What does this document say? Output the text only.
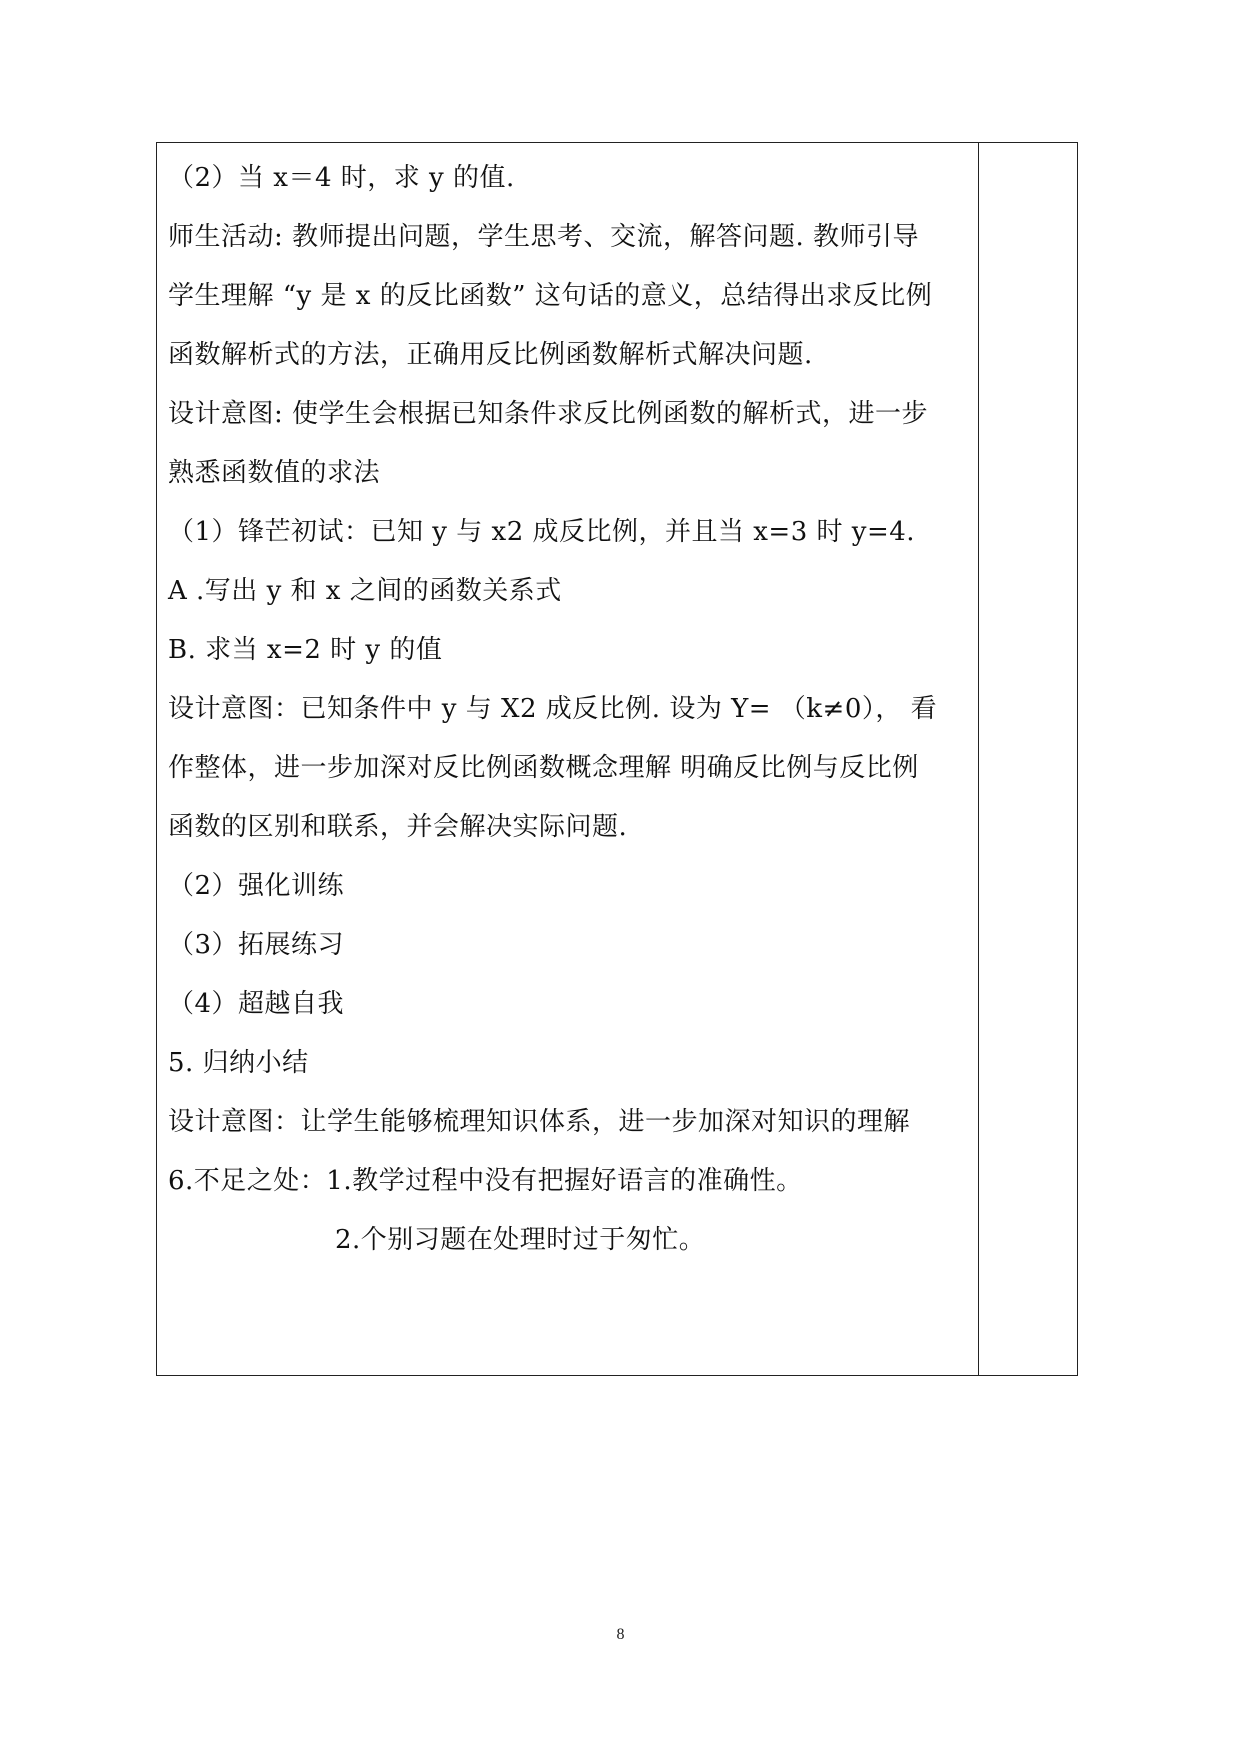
（2）当 x＝4 时，求 y 的值.
师生活动: 教师提出问题，学生思考、交流，解答问题. 教师引导
学生理解 “y 是 x 的反比函数” 这句话的意义，总结得出求反比例
函数解析式的方法，正确用反比例函数解析式解决问题.
设计意图: 使学生会根据已知条件求反比例函数的解析式，进一步
熟悉函数值的求法
（1）锋芒初试：已知 y 与 x2 成反比例，并且当 x=3 时 y=4.
A .写出 y 和 x 之间的函数关系式
B. 求当 x=2 时 y 的值
设计意图：已知条件中 y 与 X2 成反比例. 设为 Y= （k≠0）， 看
作整体，进一步加深对反比例函数概念理解 明确反比例与反比例
函数的区别和联系，并会解决实际问题.
（2）强化训练
（3）拓展练习
（4）超越自我
5. 归纳小结
设计意图：让学生能够梳理知识体系，进一步加深对知识的理解
6.不足之处：1.教学过程中没有把握好语言的准确性。
2.个别习题在处理时过于匆忙。
8
